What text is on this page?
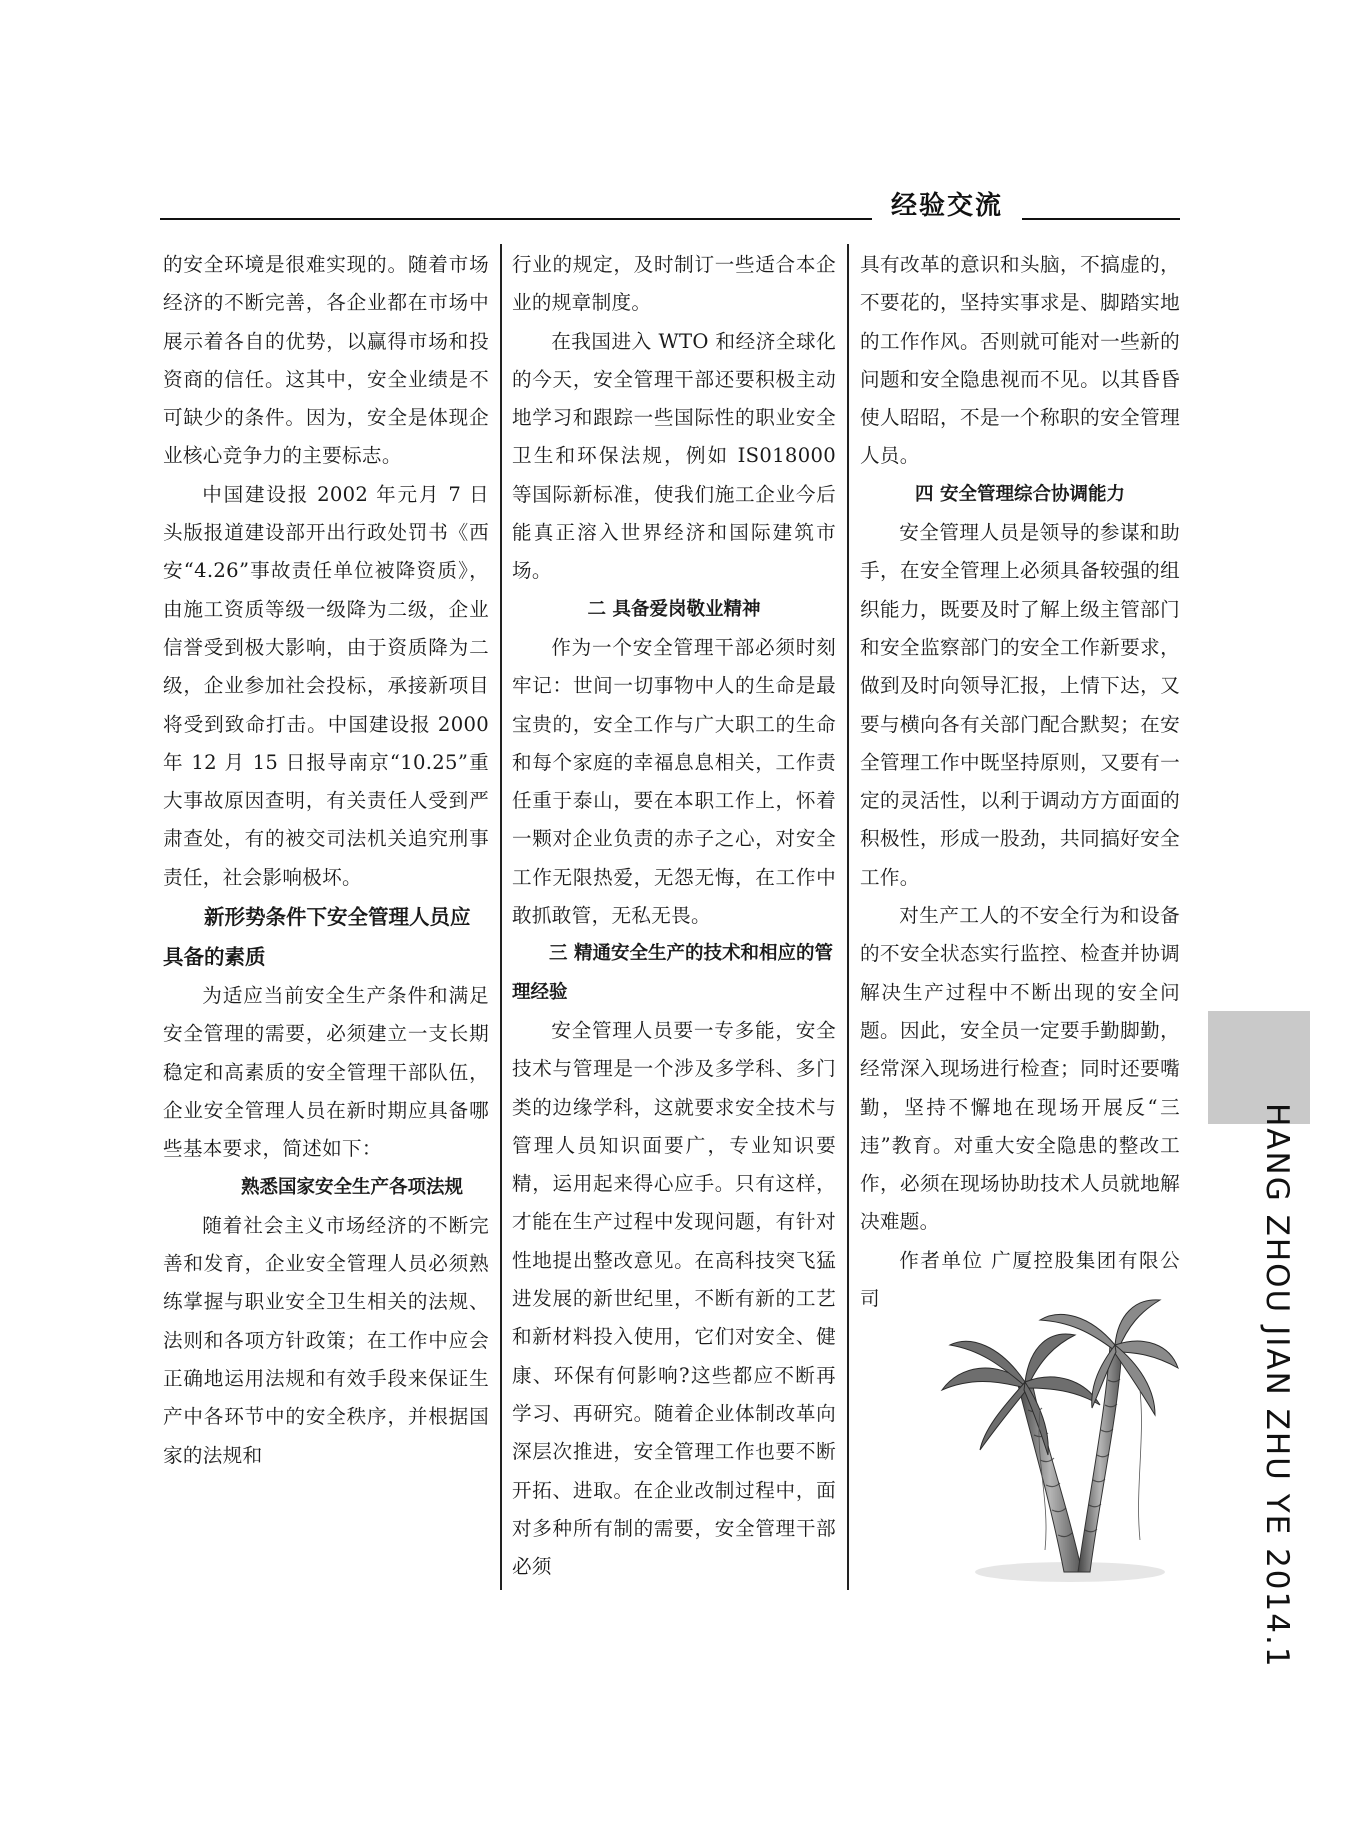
经验交流

的安全环境是很难实现的。随着市场经济的不断完善，各企业都在市场中展示着各自的优势，以赢得市场和投资商的信任。这其中，安全业绩是不可缺少的条件。因为，安全是体现企业核心竞争力的主要标志。

中国建设报 2002 年元月 7 日头版报道建设部开出行政处罚书《西安“4.26”事故责任单位被降资质》，由施工资质等级一级降为二级，企业信誉受到极大影响，由于资质降为二级，企业参加社会投标，承接新项目将受到致命打击。中国建设报 2000 年 12 月 15 日报导南京“10.25”重大事故原因查明，有关责任人受到严肃查处，有的被交司法机关追究刑事责任，社会影响极坏。

新形势条件下安全管理人员应具备的素质

为适应当前安全生产条件和满足安全管理的需要，必须建立一支长期稳定和高素质的安全管理干部队伍，企业安全管理人员在新时期应具备哪些基本要求，简述如下：

熟悉国家安全生产各项法规

随着社会主义市场经济的不断完善和发育，企业安全管理人员必须熟练掌握与职业安全卫生相关的法规、法则和各项方针政策；在工作中应会正确地运用法规和有效手段来保证生产中各环节中的安全秩序，并根据国家的法规和

行业的规定，及时制订一些适合本企业的规章制度。

在我国进入 WTO 和经济全球化的今天，安全管理干部还要积极主动地学习和跟踪一些国际性的职业安全卫生和环保法规，例如 IS018000 等国际新标准，使我们施工企业今后能真正溶入世界经济和国际建筑市场。

二 具备爱岗敬业精神

作为一个安全管理干部必须时刻牢记：世间一切事物中人的生命是最宝贵的，安全工作与广大职工的生命和每个家庭的幸福息息相关，工作责任重于泰山，要在本职工作上，怀着一颗对企业负责的赤子之心，对安全工作无限热爱，无怨无悔，在工作中敢抓敢管，无私无畏。

三 精通安全生产的技术和相应的管理经验

安全管理人员要一专多能，安全技术与管理是一个涉及多学科、多门类的边缘学科，这就要求安全技术与管理人员知识面要广，专业知识要精，运用起来得心应手。只有这样，才能在生产过程中发现问题，有针对性地提出整改意见。在高科技突飞猛进发展的新世纪里，不断有新的工艺和新材料投入使用，它们对安全、健康、环保有何影响?这些都应不断再学习、再研究。随着企业体制改革向深层次推进，安全管理工作也要不断开拓、进取。在企业改制过程中，面对多种所有制的需要，安全管理干部必须

具有改革的意识和头脑，不搞虚的，不要花的，坚持实事求是、脚踏实地的工作作风。否则就可能对一些新的问题和安全隐患视而不见。以其昏昏使人昭昭，不是一个称职的安全管理人员。

四 安全管理综合协调能力

安全管理人员是领导的参谋和助手，在安全管理上必须具备较强的组织能力，既要及时了解上级主管部门和安全监察部门的安全工作新要求，做到及时向领导汇报，上情下达，又要与横向各有关部门配合默契；在安全管理工作中既坚持原则，又要有一定的灵活性，以利于调动方方面面的积极性，形成一股劲，共同搞好安全工作。

对生产工人的不安全行为和设备的不安全状态实行监控、检查并协调解决生产过程中不断出现的安全问题。因此，安全员一定要手勤脚勤，经常深入现场进行检查；同时还要嘴勤，坚持不懈地在现场开展反“三违”教育。对重大安全隐患的整改工作，必须在现场协助技术人员就地解决难题。

作者单位 广厦控股集团有限公司	HANG ZHOU JIAN ZHU YE 2014.1
